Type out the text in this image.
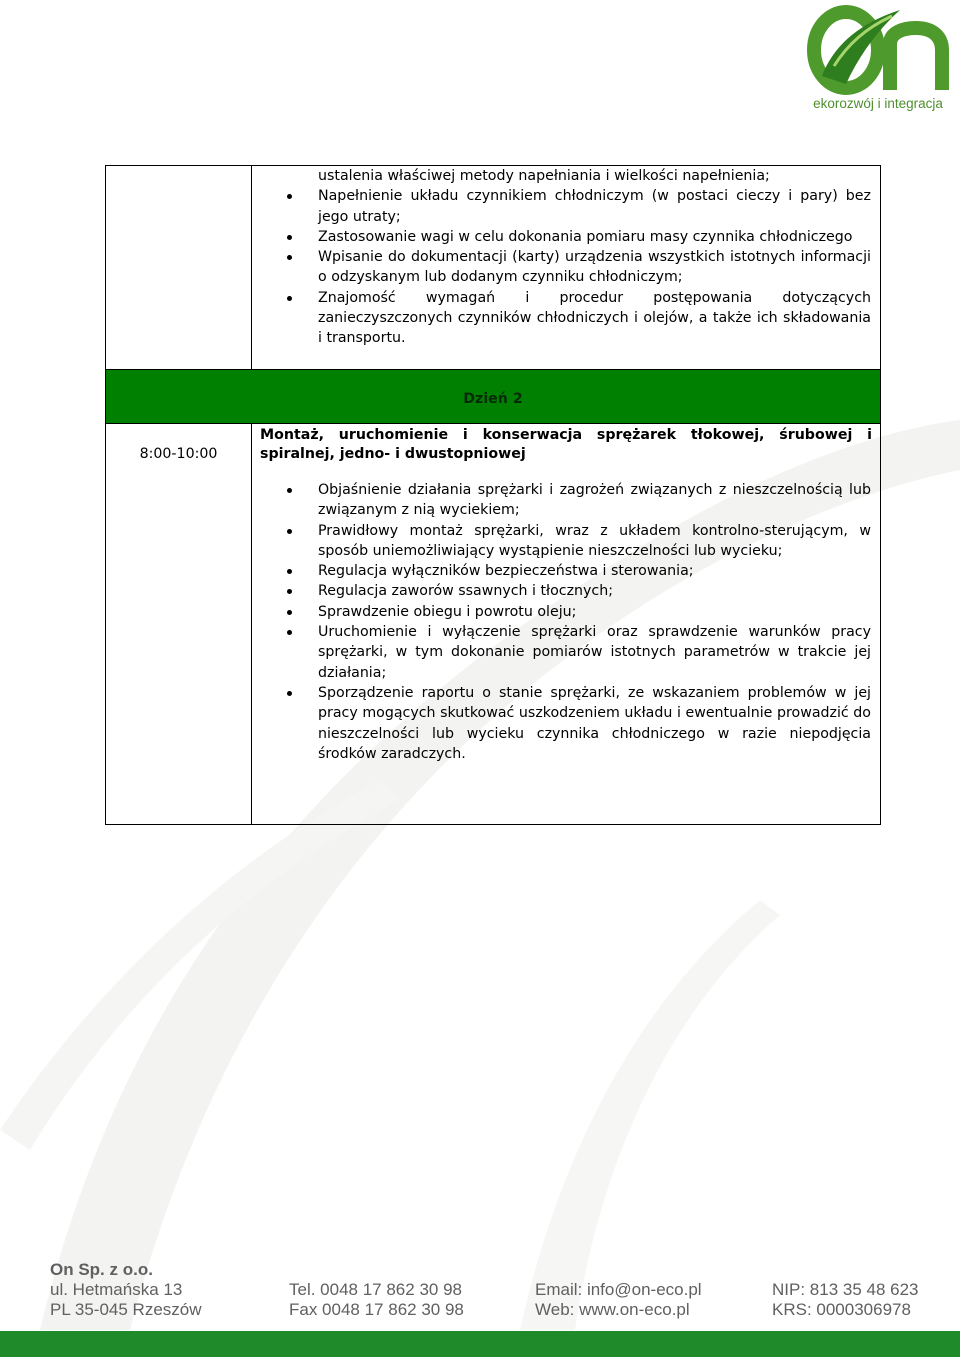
ekorozwój i integracja

ustalenia właściwej metody napełniania i wielkości napełnienia;

Napełnienie układu czynnikiem chłodniczym (w postaci cieczy i pary) bez jego utraty;
Zastosowanie wagi w celu dokonania pomiaru masy czynnika chłodniczego
Wpisanie do dokumentacji (karty) urządzenia wszystkich istotnych informacji o odzyskanym lub dodanym czynniku chłodniczym;
Znajomość wymagań i procedur postępowania dotyczących zanieczyszczonych czynników chłodniczych i olejów, a także ich składowania i transportu.
Dzień 2
8:00-10:00
Montaż, uruchomienie i konserwacja sprężarek tłokowej, śrubowej i spiralnej, jedno- i dwustopniowej
Objaśnienie działania sprężarki i zagrożeń związanych z nieszczelnością lub związanym z nią wyciekiem;
Prawidłowy montaż sprężarki, wraz z układem kontrolno-sterującym, w sposób uniemożliwiający wystąpienie nieszczelności lub wycieku;
Regulacja wyłączników bezpieczeństwa i sterowania;
Regulacja zaworów ssawnych i tłocznych;
Sprawdzenie obiegu i powrotu oleju;
Uruchomienie i wyłączenie sprężarki oraz sprawdzenie warunków pracy sprężarki, w tym dokonanie pomiarów istotnych parametrów w trakcie jej działania;
Sporządzenie raportu o stanie sprężarki, ze wskazaniem problemów w jej pracy mogących skutkować uszkodzeniem układu i ewentualnie prowadzić do nieszczelności lub wycieku czynnika chłodniczego w razie niepodjęcia środków zaradczych.
On Sp. z o.o.
ul. Hetmańska 13
PL 35-045 Rzeszów
Tel. 0048 17 862 30 98
Fax 0048 17 862 30 98
Email: info@on-eco.pl
Web: www.on-eco.pl
NIP: 813 35 48 623
KRS: 0000306978
